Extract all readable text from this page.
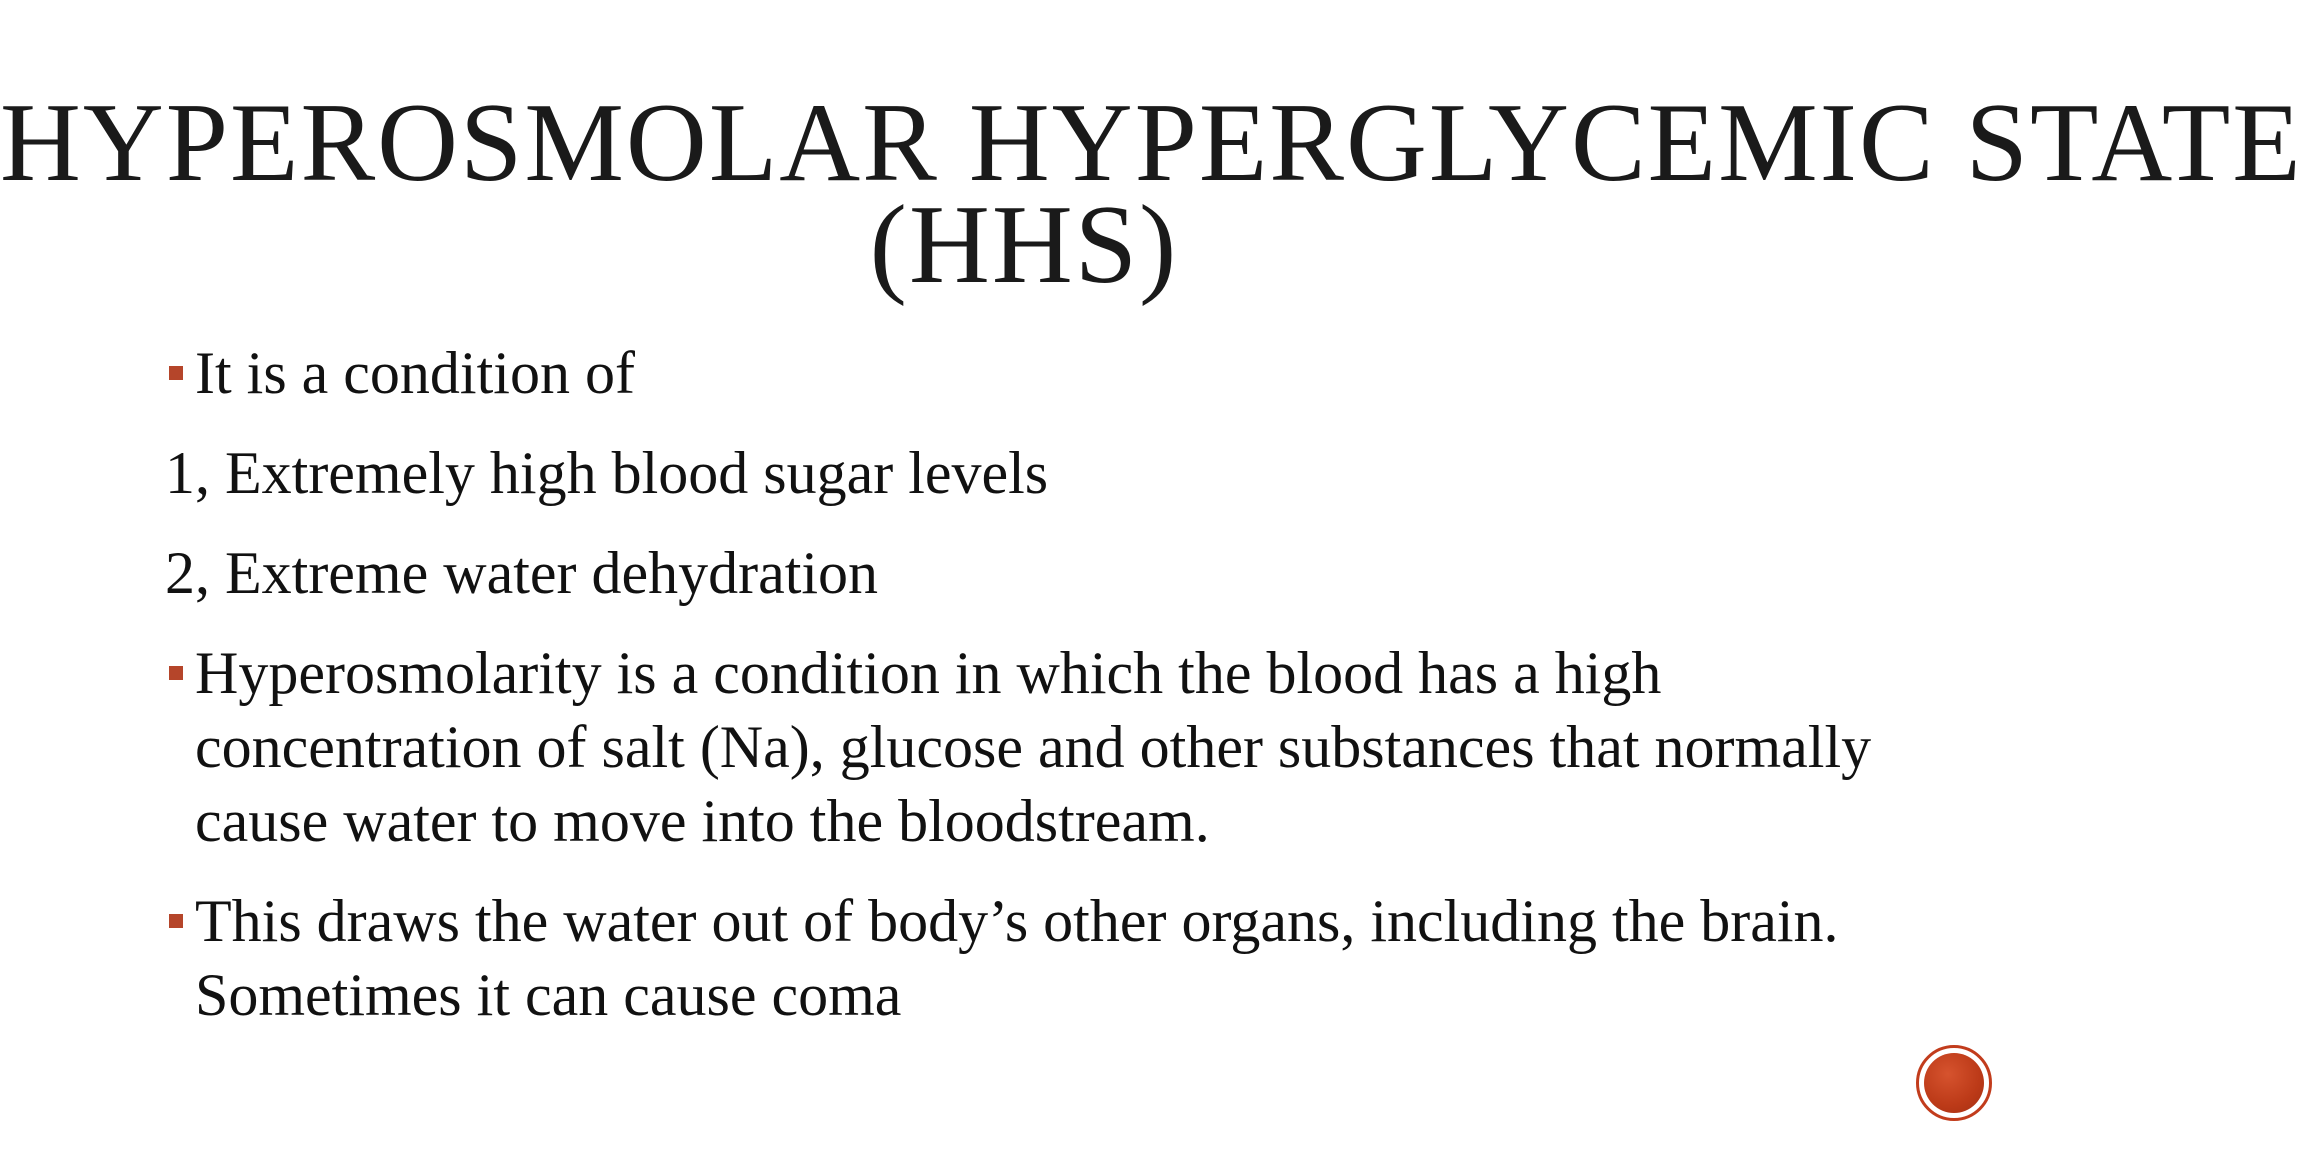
HYPEROSMOLAR HYPERGLYCEMIC STATE
(HHS)
It is a condition of
1, Extremely high blood sugar levels
2, Extreme water dehydration
Hyperosmolarity is a condition in which the blood has a high concentration of salt (Na), glucose and other substances that normally cause water to move into the bloodstream.
This draws the water out of body’s other organs, including the brain. Sometimes it can cause coma
